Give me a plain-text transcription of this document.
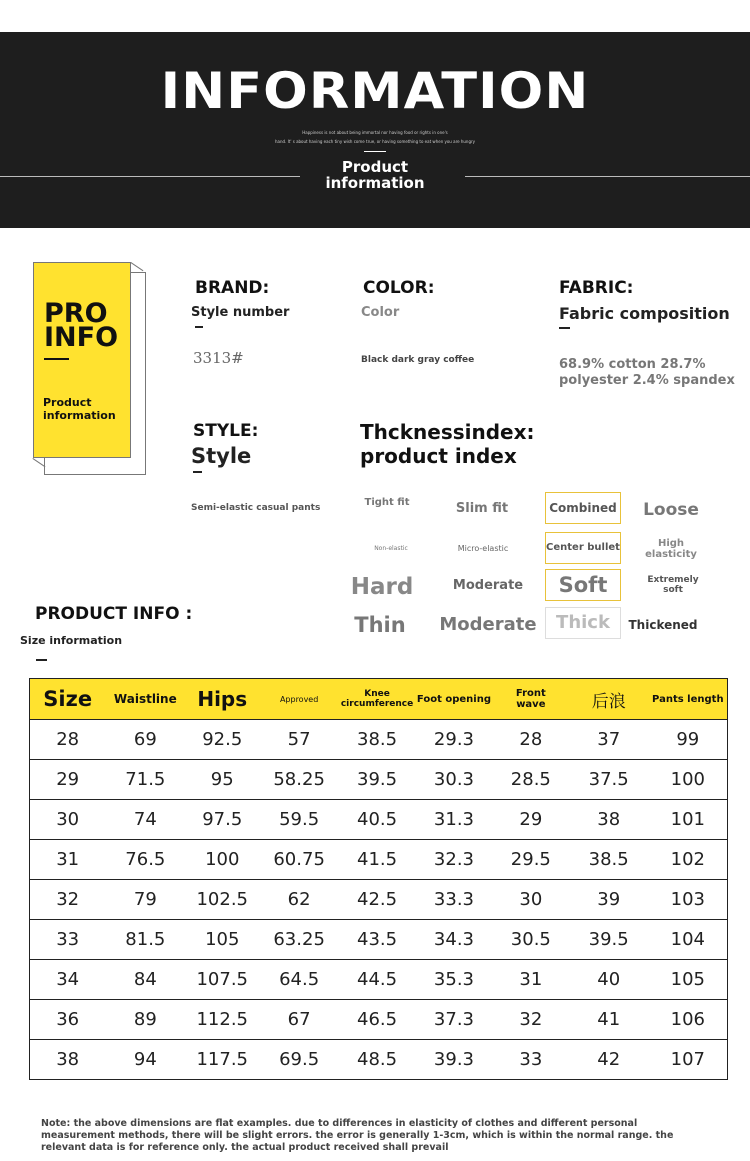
INFORMATION
Happiness is not about being immortal nor having food or rights in one's
hand. It' s about having each tiny wish come true, or having something to eat when you are hungry
Product
information
PRO
INFO
Product
information
BRAND:
Style number
3313#
COLOR:
Color
Black dark gray coffee
FABRIC:
Fabric composition
68.9% cotton 28.7%
polyester 2.4% spandex
STYLE:
Style
Semi-elastic casual pants
Thcknessindex:
product index
Tight fit	Slim fit	Combined	Loose
Non-elastic	Micro-elastic	Center bullet	High elasticity
Hard	Moderate	Soft	Extremely soft
Thin	Moderate	Thick	Thickened
PRODUCT INFO :
Size information
Size	Waistline	Hips	Approved	Knee circumference	Foot opening	Front wave	后浪	Pants length
28	69	92.5	57	38.5	29.3	28	37	99
29	71.5	95	58.25	39.5	30.3	28.5	37.5	100
30	74	97.5	59.5	40.5	31.3	29	38	101
31	76.5	100	60.75	41.5	32.3	29.5	38.5	102
32	79	102.5	62	42.5	33.3	30	39	103
33	81.5	105	63.25	43.5	34.3	30.5	39.5	104
34	84	107.5	64.5	44.5	35.3	31	40	105
36	89	112.5	67	46.5	37.3	32	41	106
38	94	117.5	69.5	48.5	39.3	33	42	107
Note: the above dimensions are flat examples. due to differences in elasticity of clothes and different personal measurement methods, there will be slight errors. the error is generally 1-3cm, which is within the normal range. the relevant data is for reference only. the actual product received shall prevail
